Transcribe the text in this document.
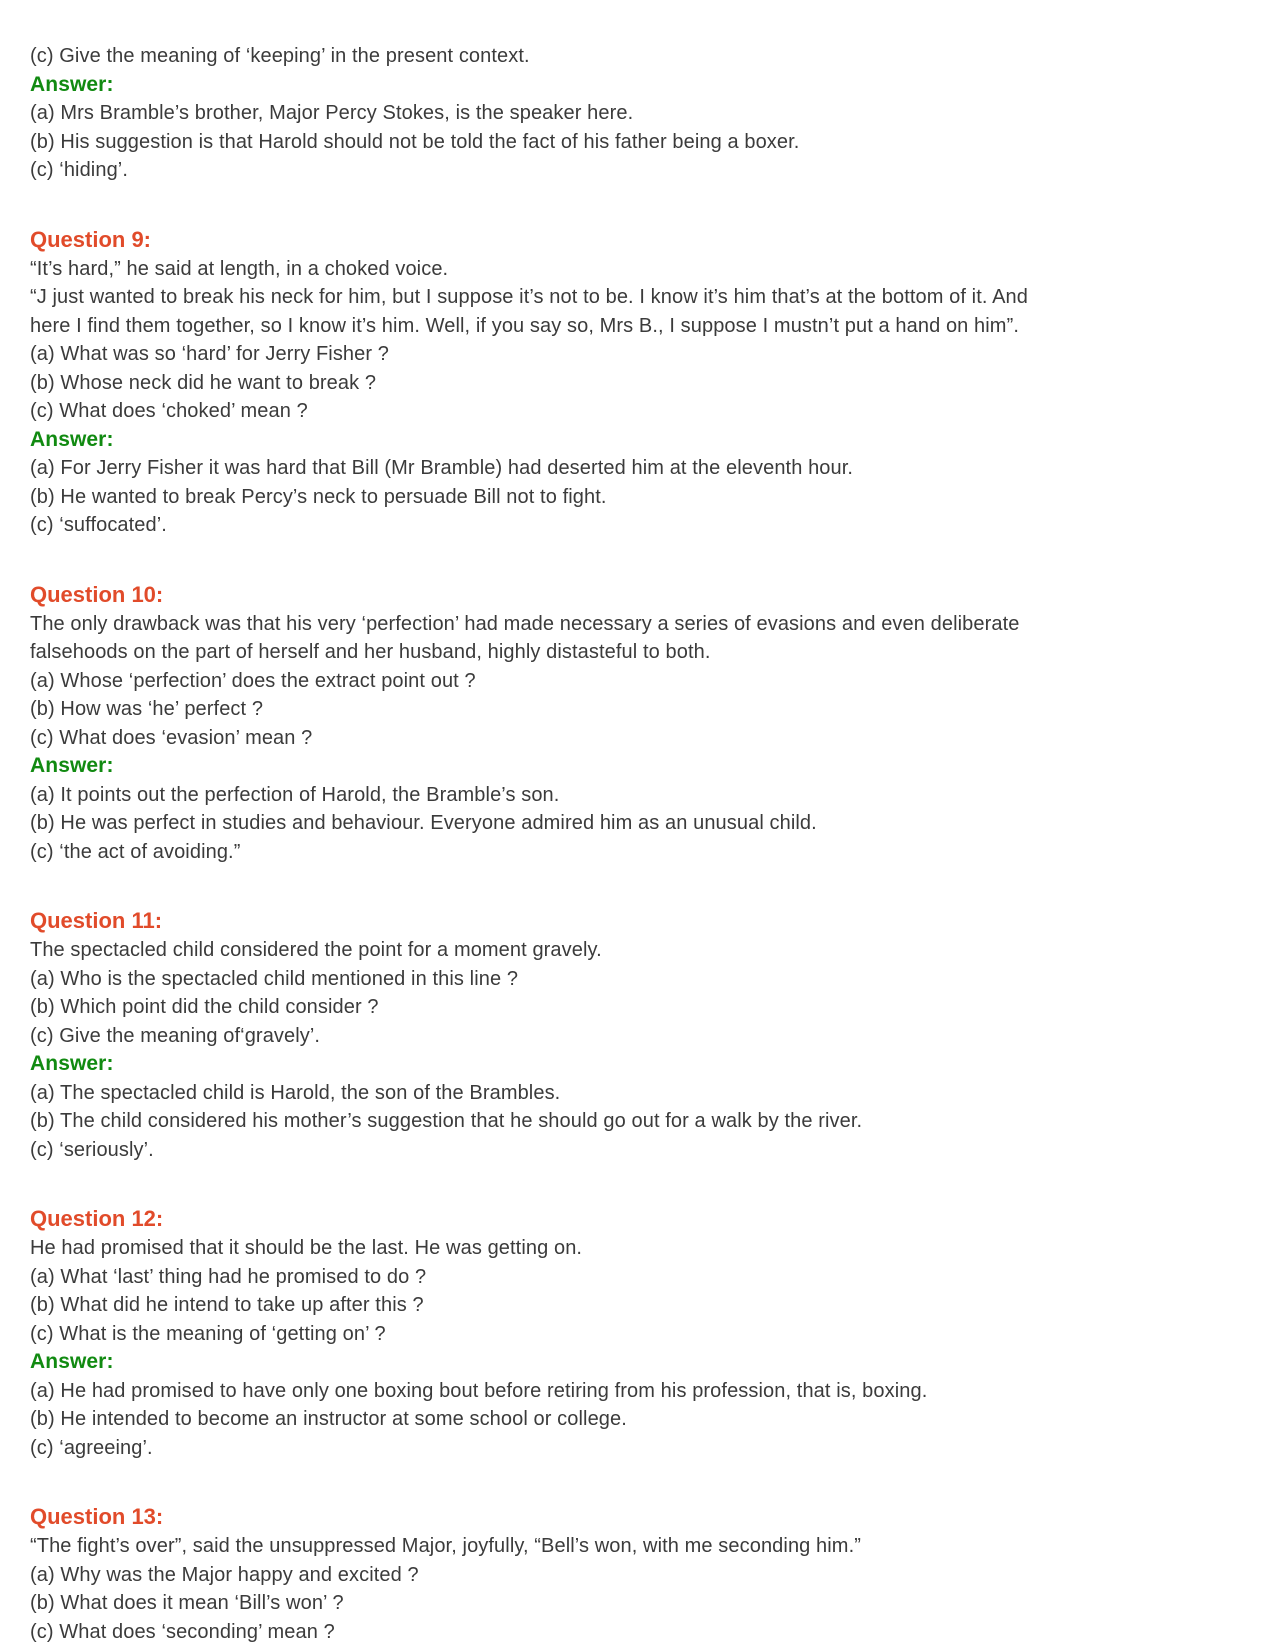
(c) Give the meaning of ‘keeping’ in the present context.

Answer:

(a) Mrs Bramble’s brother, Major Percy Stokes, is the speaker here.

(b) His suggestion is that Harold should not be told the fact of his father being a boxer.

(c) ‘hiding’.

Question 9:

“It’s hard,” he said at length, in a choked voice.

“J just wanted to break his neck for him, but I suppose it’s not to be. I know it’s him that’s at the bottom of it. And

here I find them together, so I know it’s him. Well, if you say so, Mrs B., I suppose I mustn’t put a hand on him”.

(a) What was so ‘hard’ for Jerry Fisher ?

(b) Whose neck did he want to break ?

(c) What does ‘choked’ mean ?

Answer:

(a) For Jerry Fisher it was hard that Bill (Mr Bramble) had deserted him at the eleventh hour.

(b) He wanted to break Percy’s neck to persuade Bill not to fight.

(c) ‘suffocated’.

Question 10:

The only drawback was that his very ‘perfection’ had made necessary a series of evasions and even deliberate

falsehoods on the part of herself and her husband, highly distasteful to both.

(a) Whose ‘perfection’ does the extract point out ?

(b) How was ‘he’ perfect ?

(c) What does ‘evasion’ mean ?

Answer:

(a) It points out the perfection of Harold, the Bramble’s son.

(b) He was perfect in studies and behaviour. Everyone admired him as an unusual child.

(c) ‘the act of avoiding.”

Question 11:

The spectacled child considered the point for a moment gravely.

(a) Who is the spectacled child mentioned in this line ?

(b) Which point did the child consider ?

(c) Give the meaning of‘gravely’.

Answer:

(a) The spectacled child is Harold, the son of the Brambles.

(b) The child considered his mother’s suggestion that he should go out for a walk by the river.

(c) ‘seriously’.

Question 12:

He had promised that it should be the last. He was getting on.

(a) What ‘last’ thing had he promised to do ?

(b) What did he intend to take up after this ?

(c) What is the meaning of ‘getting on’ ?

Answer:

(a) He had promised to have only one boxing bout before retiring from his profession, that is, boxing.

(b) He intended to become an instructor at some school or college.

(c) ‘agreeing’.

Question 13:

“The fight’s over”, said the unsuppressed Major, joyfully, “Bell’s won, with me seconding him.”

(a) Why was the Major happy and excited ?

(b) What does it mean ‘Bill’s won’ ?

(c) What does ‘seconding’ mean ?
